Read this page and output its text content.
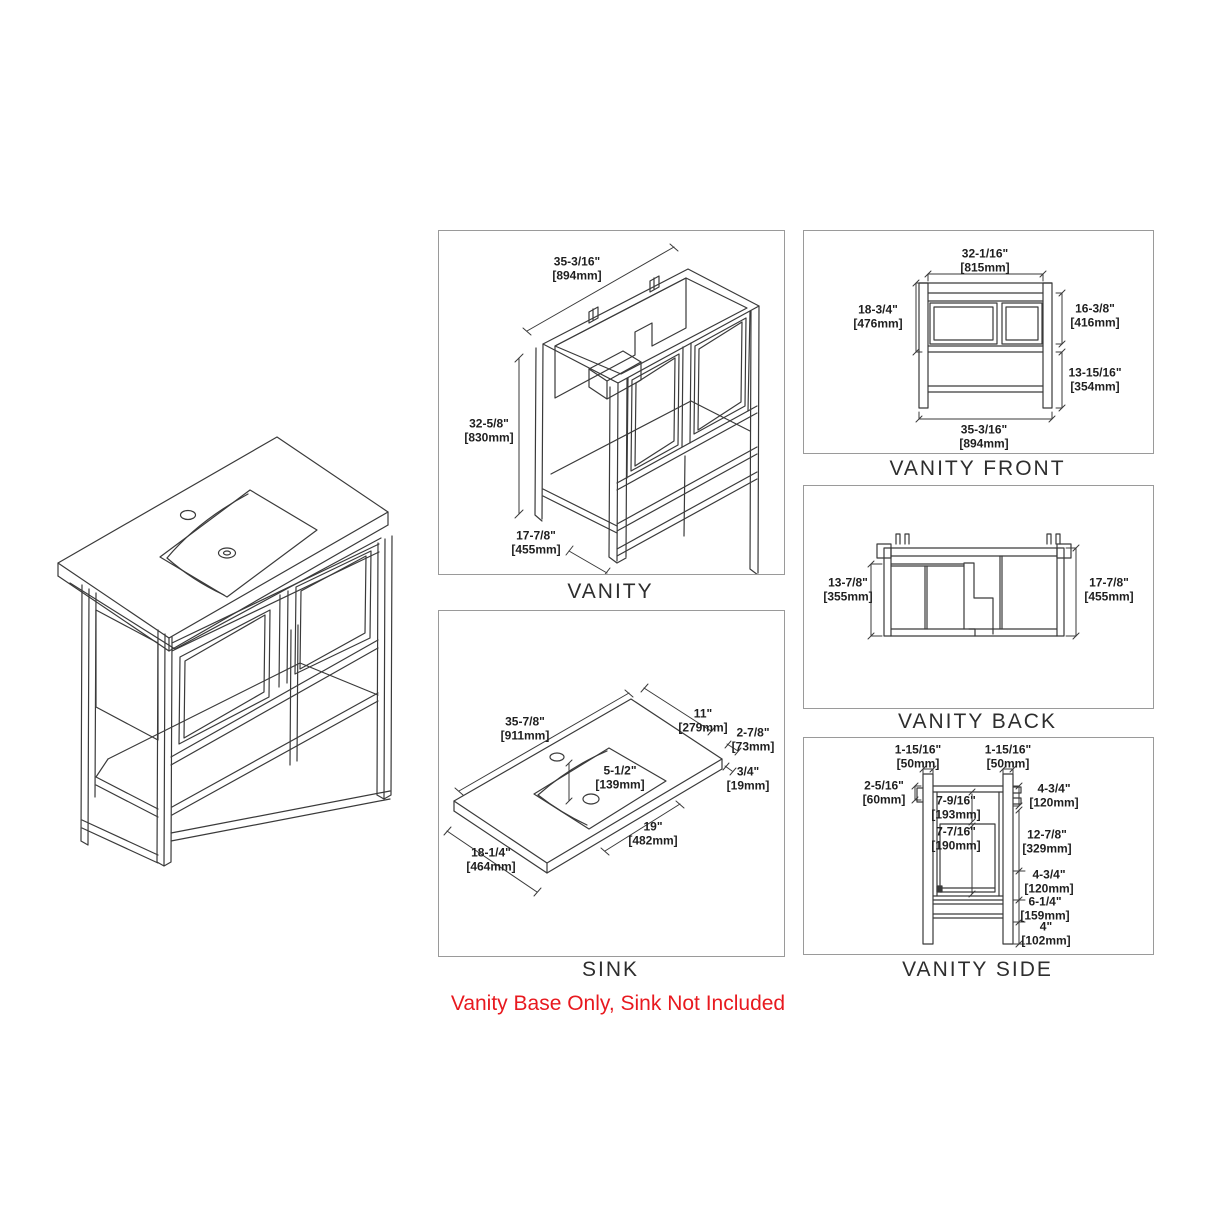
35-3/16"
[894mm]
32-5/8"
[830mm]
17-7/8"
[455mm]
VANITY
32-1/16"
[815mm]
18-3/4"
[476mm]
16-3/8"
[416mm]
13-15/16"
[354mm]
35-3/16"
[894mm]
VANITY FRONT
13-7/8"
[355mm]
17-7/8"
[455mm]
VANITY BACK
35-7/8"
[911mm]
11"
[279mm] 2-7/8"
[73mm]
3/4"
[19mm]
5-1/2"
[139mm]
19"
[482mm]
18-1/4"
[464mm]
SINK
1-15/16"
[50mm]
1-15/16"
[50mm]
2-5/16"
[60mm]
4-3/4"
[120mm]
7-9/16"
[193mm]
7-7/16"
[190mm]
12-7/8"
[329mm]
4-3/4"
[120mm]
6-1/4"
[159mm]
4"
[102mm]
VANITY SIDE
Vanity Base Only, Sink Not Included
